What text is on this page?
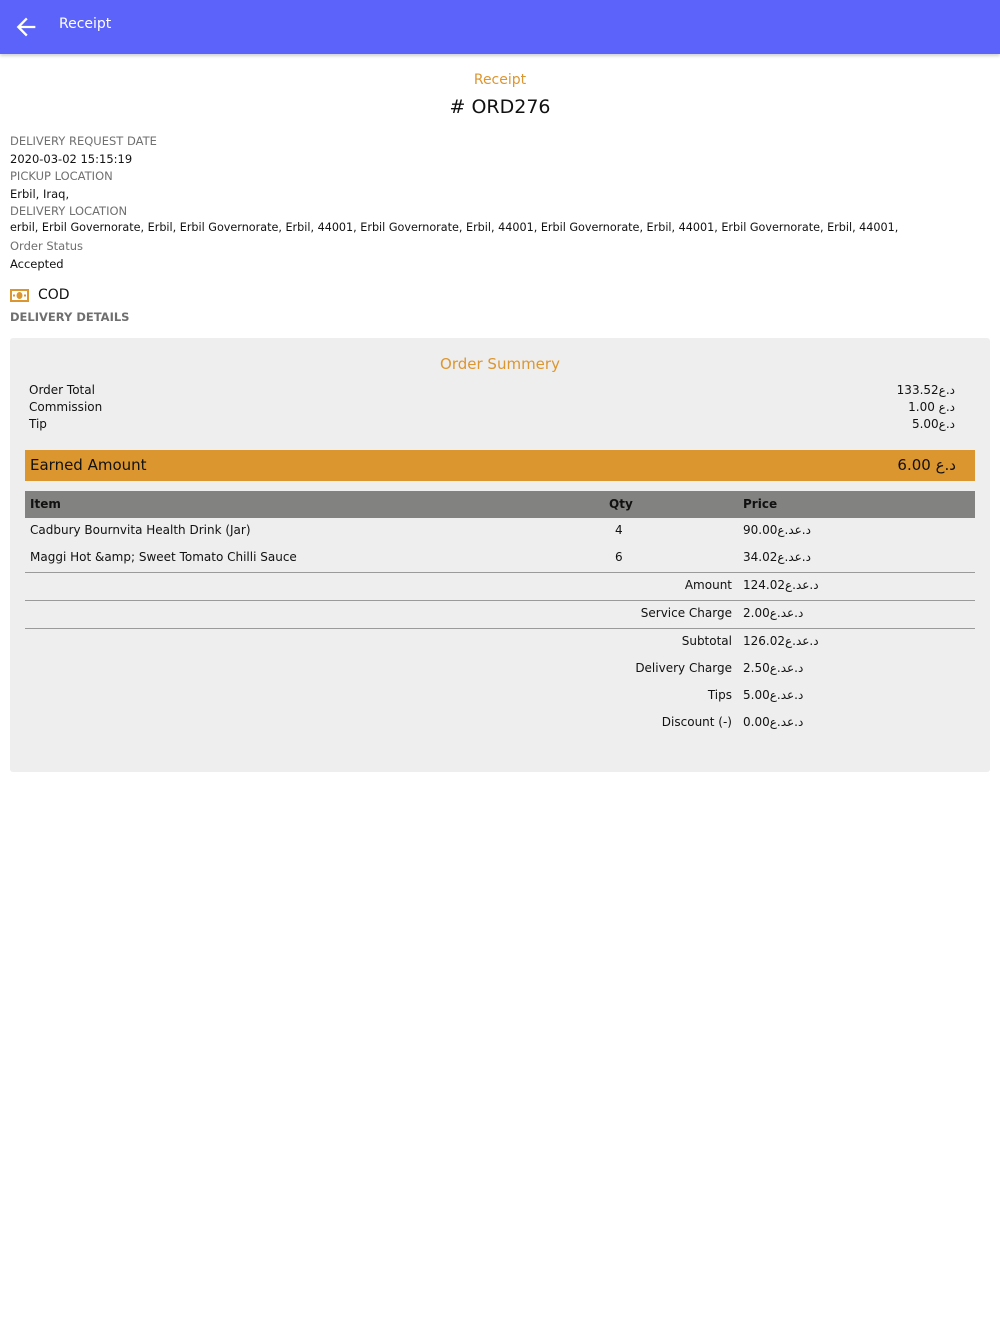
Receipt
Receipt
# ORD276
DELIVERY REQUEST DATE
2020-03-02 15:15:19
PICKUP LOCATION
Erbil, Iraq,
DELIVERY LOCATION
erbil, Erbil Governorate, Erbil, Erbil Governorate, Erbil, 44001, Erbil Governorate, Erbil, 44001, Erbil Governorate, Erbil, 44001, Erbil Governorate, Erbil, 44001,
Order Status
Accepted
COD
DELIVERY DETAILS
Order Summery
Order Total	133.52د.ع
Commission	1.00 د.ع
Tip	5.00د.ع
Earned Amount	6.00 د.ع
Item	Qty	Price
Cadbury Bournvita Health Drink (Jar)	4	90.00د.عد.ع
Maggi Hot &amp; Sweet Tomato Chilli Sauce	6	34.02د.عد.ع
Amount 124.02د.عد.ع
Service Charge 2.00د.عد.ع
Subtotal 126.02د.عد.ع
Delivery Charge 2.50د.عد.ع
Tips 5.00د.عد.ع
Discount (-) 0.00د.عد.ع
